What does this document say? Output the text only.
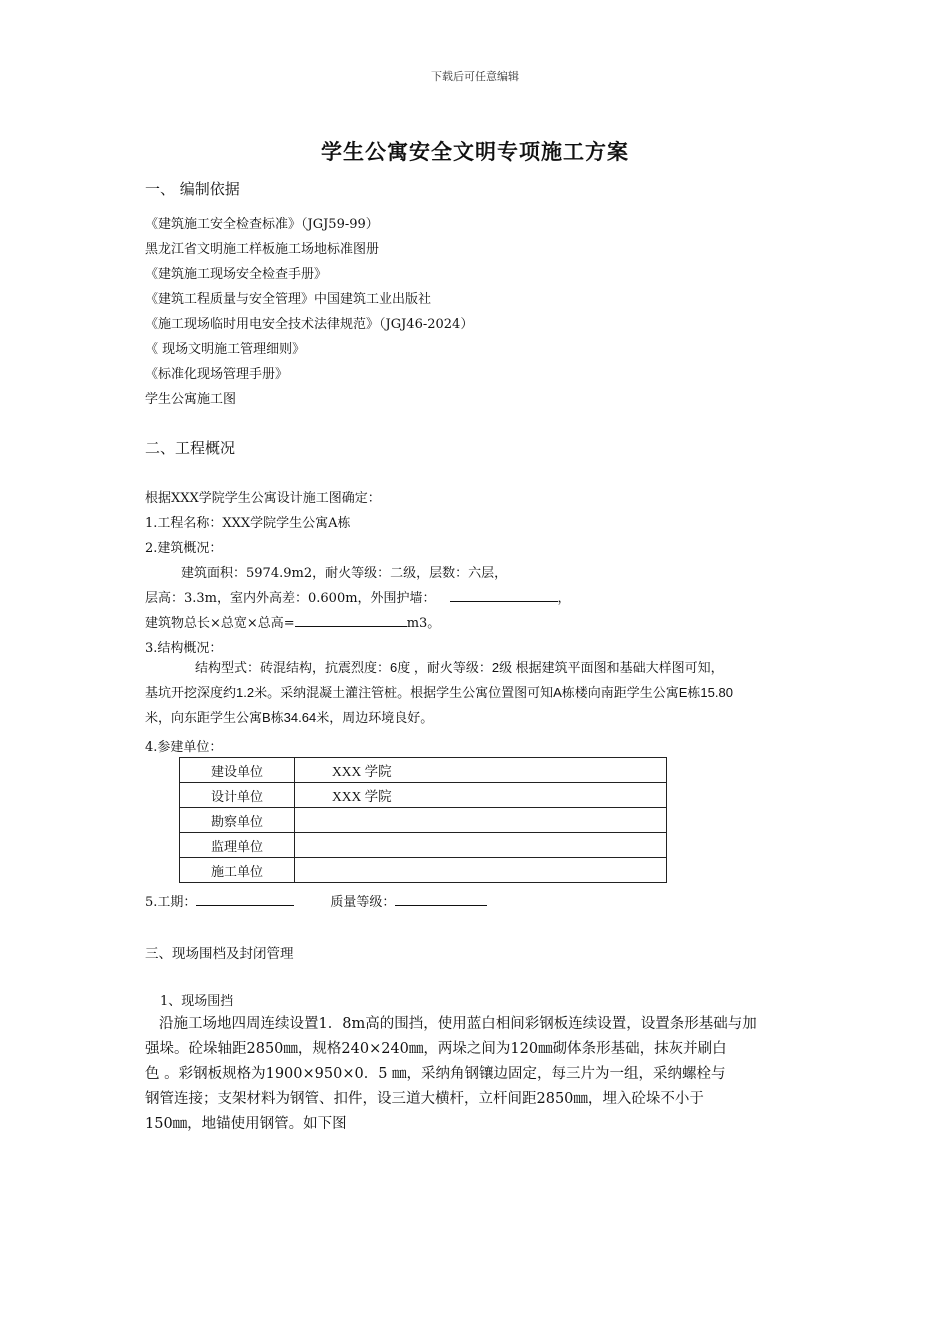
下载后可任意编辑
学生公寓安全文明专项施工方案
一、 编制依据
《建筑施工安全检查标准》（JGJ59-99）
黑龙江省文明施工样板施工场地标准图册
《建筑施工现场安全检查手册》
《建筑工程质量与安全管理》中国建筑工业出版社
《施工现场临时用电安全技术法律规范》（JGJ46-2024）
《 现场文明施工管理细则》
《标准化现场管理手册》
学生公寓施工图
二、工程概况
根据XXX学院学生公寓设计施工图确定：
1.工程名称：XXX学院学生公寓A栋
2.建筑概况：
建筑面积：5974.9m2，耐火等级：二级，层数：六层，
层高：3.3m，室内外高差：0.600m，外围护墙：	，
建筑物总长×总宽×总高=	m3。
3.结构概况：
结构型式：砖混结构，抗震烈度：6度 ，耐火等级：2级 根据建筑平面图和基础大样图可知，
基坑开挖深度约1.2米。采纳混凝土灌注管桩。根据学生公寓位置图可知A栋楼向南距学生公寓E栋15.80
米，向东距学生公寓B栋34.64米，周边环境良好。
4.参建单位：
建设单位	XXX 学院
设计单位	XXX 学院
勘察单位	
监理单位	
施工单位	
5.工期：	质量等级：
三、现场围档及封闭管理
1、现场围挡
沿施工场地四周连续设置1．8m高的围挡，使用蓝白相间彩钢板连续设置，设置条形基础与加
强垛。砼垛轴距2850㎜，规格240×240㎜，两垛之间为120㎜砌体条形基础，抹灰并刷白
色 。彩钢板规格为1900×950×0．5 ㎜，采纳角钢镶边固定，每三片为一组，采纳螺栓与
钢管连接；支架材料为钢管、扣件，设三道大横杆，立杆间距2850㎜，埋入砼垛不小于
150㎜，地锚使用钢管。如下图
